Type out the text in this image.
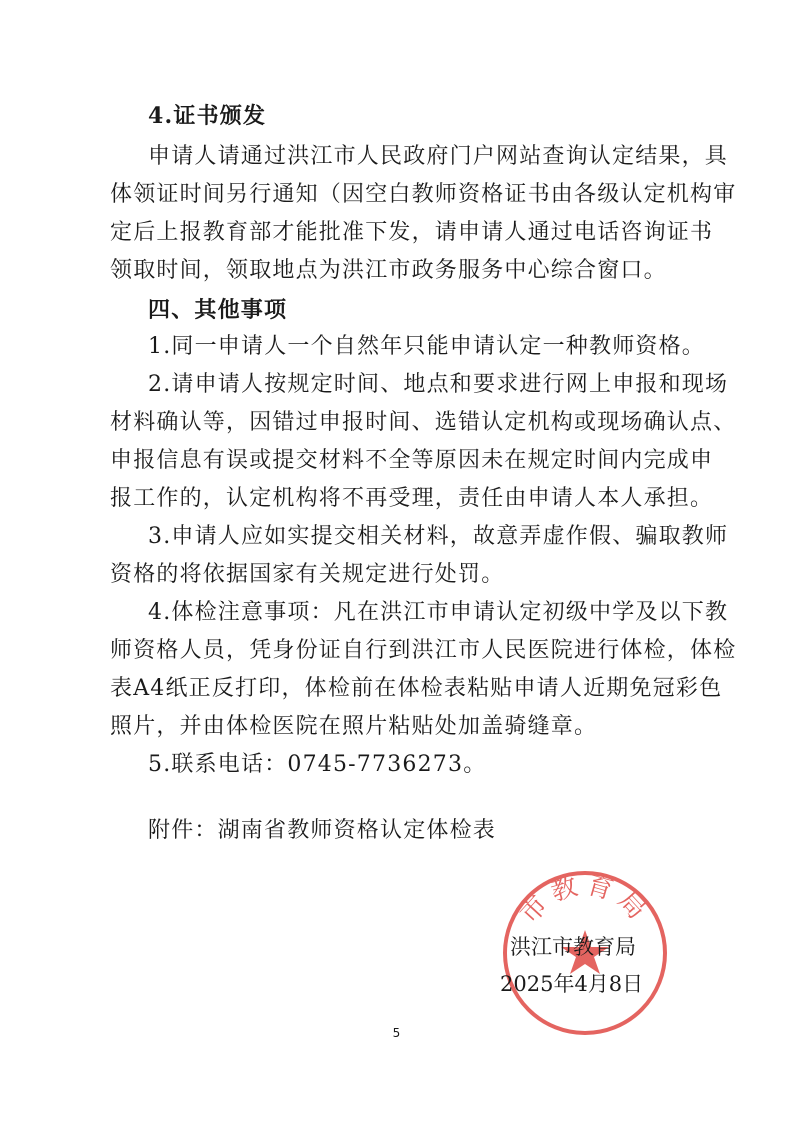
4.证书颁发
申请人请通过洪江市人民政府门户网站查询认定结果，具
体领证时间另行通知（因空白教师资格证书由各级认定机构审
定后上报教育部才能批准下发，请申请人通过电话咨询证书
领取时间，领取地点为洪江市政务服务中心综合窗口。
四、其他事项
1.同一申请人一个自然年只能申请认定一种教师资格。
2.请申请人按规定时间、地点和要求进行网上申报和现场
材料确认等，因错过申报时间、选错认定机构或现场确认点、
申报信息有误或提交材料不全等原因未在规定时间内完成申
报工作的，认定机构将不再受理，责任由申请人本人承担。
3.申请人应如实提交相关材料，故意弄虚作假、骗取教师
资格的将依据国家有关规定进行处罚。
4.体检注意事项：凡在洪江市申请认定初级中学及以下教
师资格人员，凭身份证自行到洪江市人民医院进行体检，体检
表A4纸正反打印，体检前在体检表粘贴申请人近期免冠彩色
照片，并由体检医院在照片粘贴处加盖骑缝章。
5.联系电话：0745-7736273。
附件：湖南省教师资格认定体检表
市教育局
洪江市教育局
2025年4月8日
5
